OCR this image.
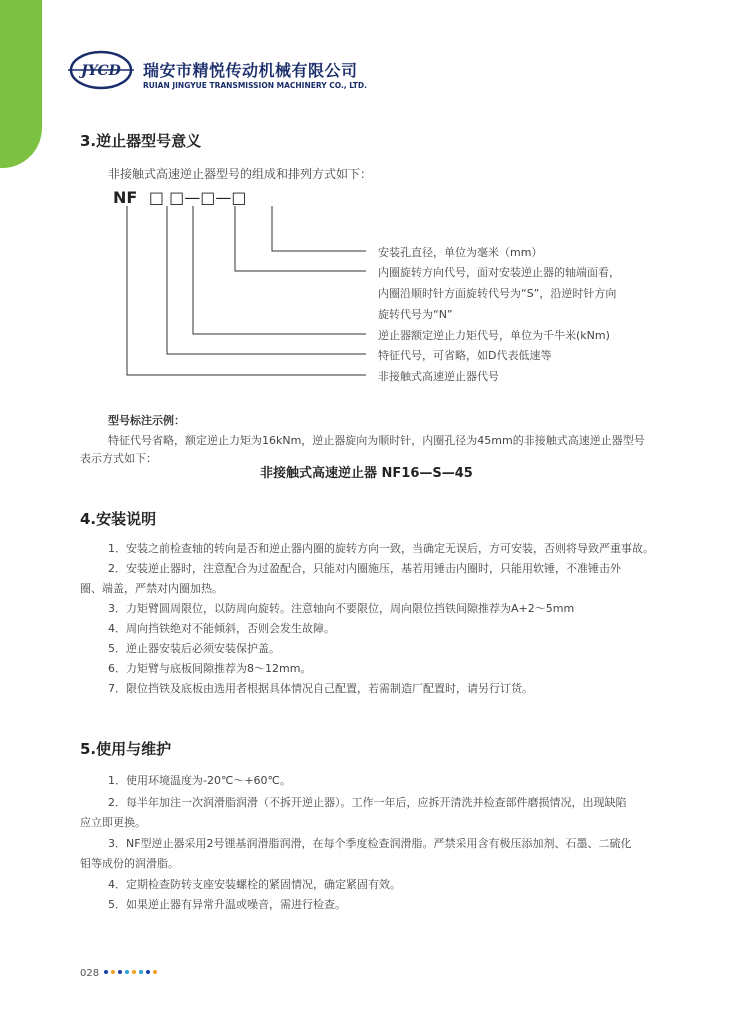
JYCD 瑞安市精悦传动机械有限公司
RUIAN JINGYUE TRANSMISSION MACHINERY CO., LTD.
3.逆止器型号意义
非接触式高速逆止器型号的组成和排列方式如下：
NF □ □—□—□
安装孔直径，单位为毫米（mm）
内圈旋转方向代号，面对安装逆止器的轴端面看，
内圈沿顺时针方面旋转代号为“S”，沿逆时针方向
旋转代号为“N”
逆止器额定逆止力矩代号，单位为千牛米(kNm)
特征代号，可省略，如D代表低速等
非接触式高速逆止器代号
型号标注示例：
特征代号省略，额定逆止力矩为16kNm，逆止器旋向为顺时针，内圈孔径为45mm的非接触式高速逆止器型号
表示方式如下：
非接触式高速逆止器 NF16—S—45
4.安装说明
1．安装之前检查轴的转向是否和逆止器内圈的旋转方向一致，当确定无误后，方可安装，否则将导致严重事故。
2．安装逆止器时，注意配合为过盈配合，只能对内圈施压，基若用锤击内圈时，只能用软锤，不准锤击外
圈、端盖，严禁对内圈加热。
3．力矩臂圆周限位，以防周向旋转。注意轴向不要限位，周向限位挡铁间隙推荐为A+2～5mm
4．周向挡铁绝对不能倾斜，否则会发生故障。
5．逆止器安装后必须安装保护盖。
6．力矩臂与底板间隙推荐为8～12mm。
7．限位挡铁及底板由选用者根据具体情况自己配置，若需制造厂配置时，请另行订货。
5.使用与维护
1．使用环境温度为-20℃～+60℃。
2．每半年加注一次润滑脂润滑（不拆开逆止器）。工作一年后，应拆开清洗并检查部件磨损情况，出现缺陷
应立即更换。
3．NF型逆止器采用2号锂基润滑脂润滑，在每个季度检查润滑脂。严禁采用含有极压添加剂、石墨、二硫化
钼等成份的润滑脂。
4．定期检查防转支座安装螺栓的紧固情况，确定紧固有效。
5．如果逆止器有异常升温或噪音，需进行检查。
028
